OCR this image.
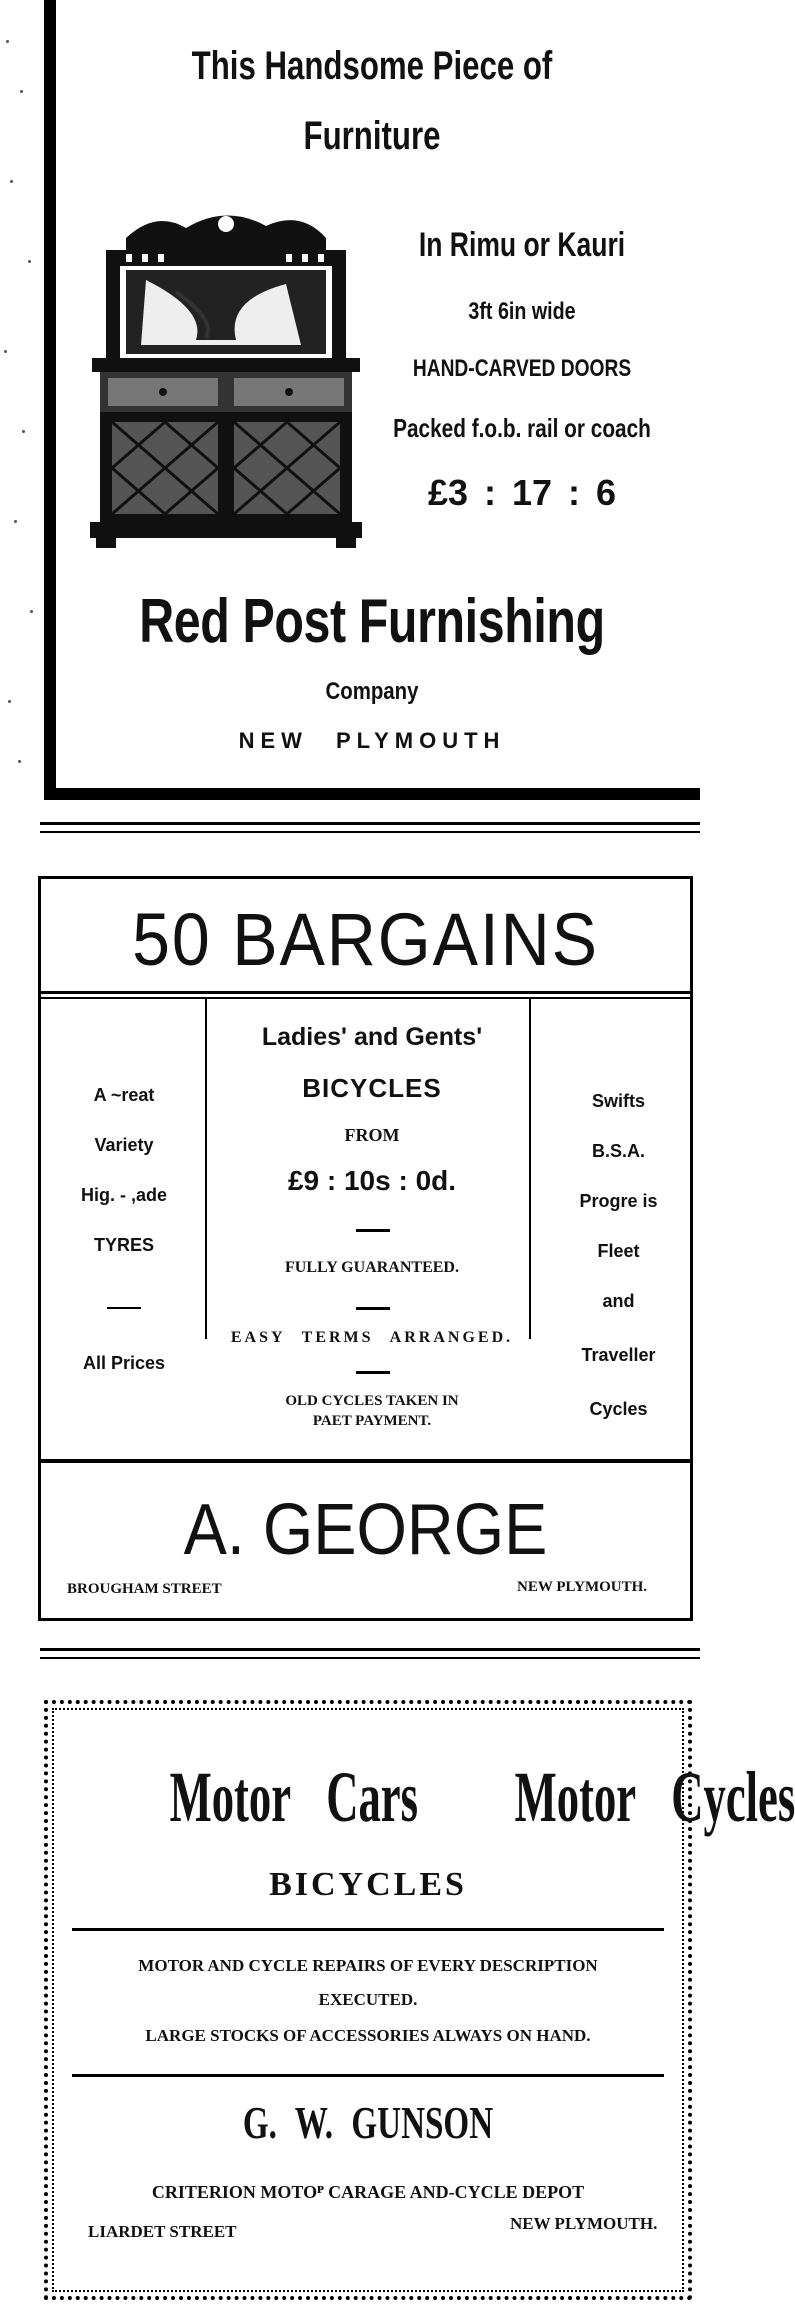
This Handsome Piece of
Furniture
In Rimu or Kauri
3ft 6in wide
HAND-CARVED DOORS
Packed f.o.b. rail or coach
£3 : 17 : 6
Red Post Furnishing
Company
NEW PLYMOUTH
50 BARGAINS
A ~reat
Variety
Hig. - ,ade
TYRES
All Prices
Ladies' and Gents'
BICYCLES
FROM
£9 : 10s : 0d.
FULLY GUARANTEED.
EASY TERMS ARRANGED.
OLD CYCLES TAKEN IN
PAET PAYMENT.
Swifts
B.S.A.
Progre is
Fleet
and
Traveller
Cycles
A. GEORGE
BROUGHAM STREET	NEW PLYMOUTH.
Motor Cars Motor Cycles
BICYCLES
MOTOR AND CYCLE REPAIRS OF EVERY DESCRIPTION
EXECUTED.
LARGE STOCKS OF ACCESSORIES ALWAYS ON HAND.
G. W. GUNSON
CRITERION MOTOᴾ CARAGE AND-CYCLE DEPOT
LIARDET STREET	NEW PLYMOUTH.
